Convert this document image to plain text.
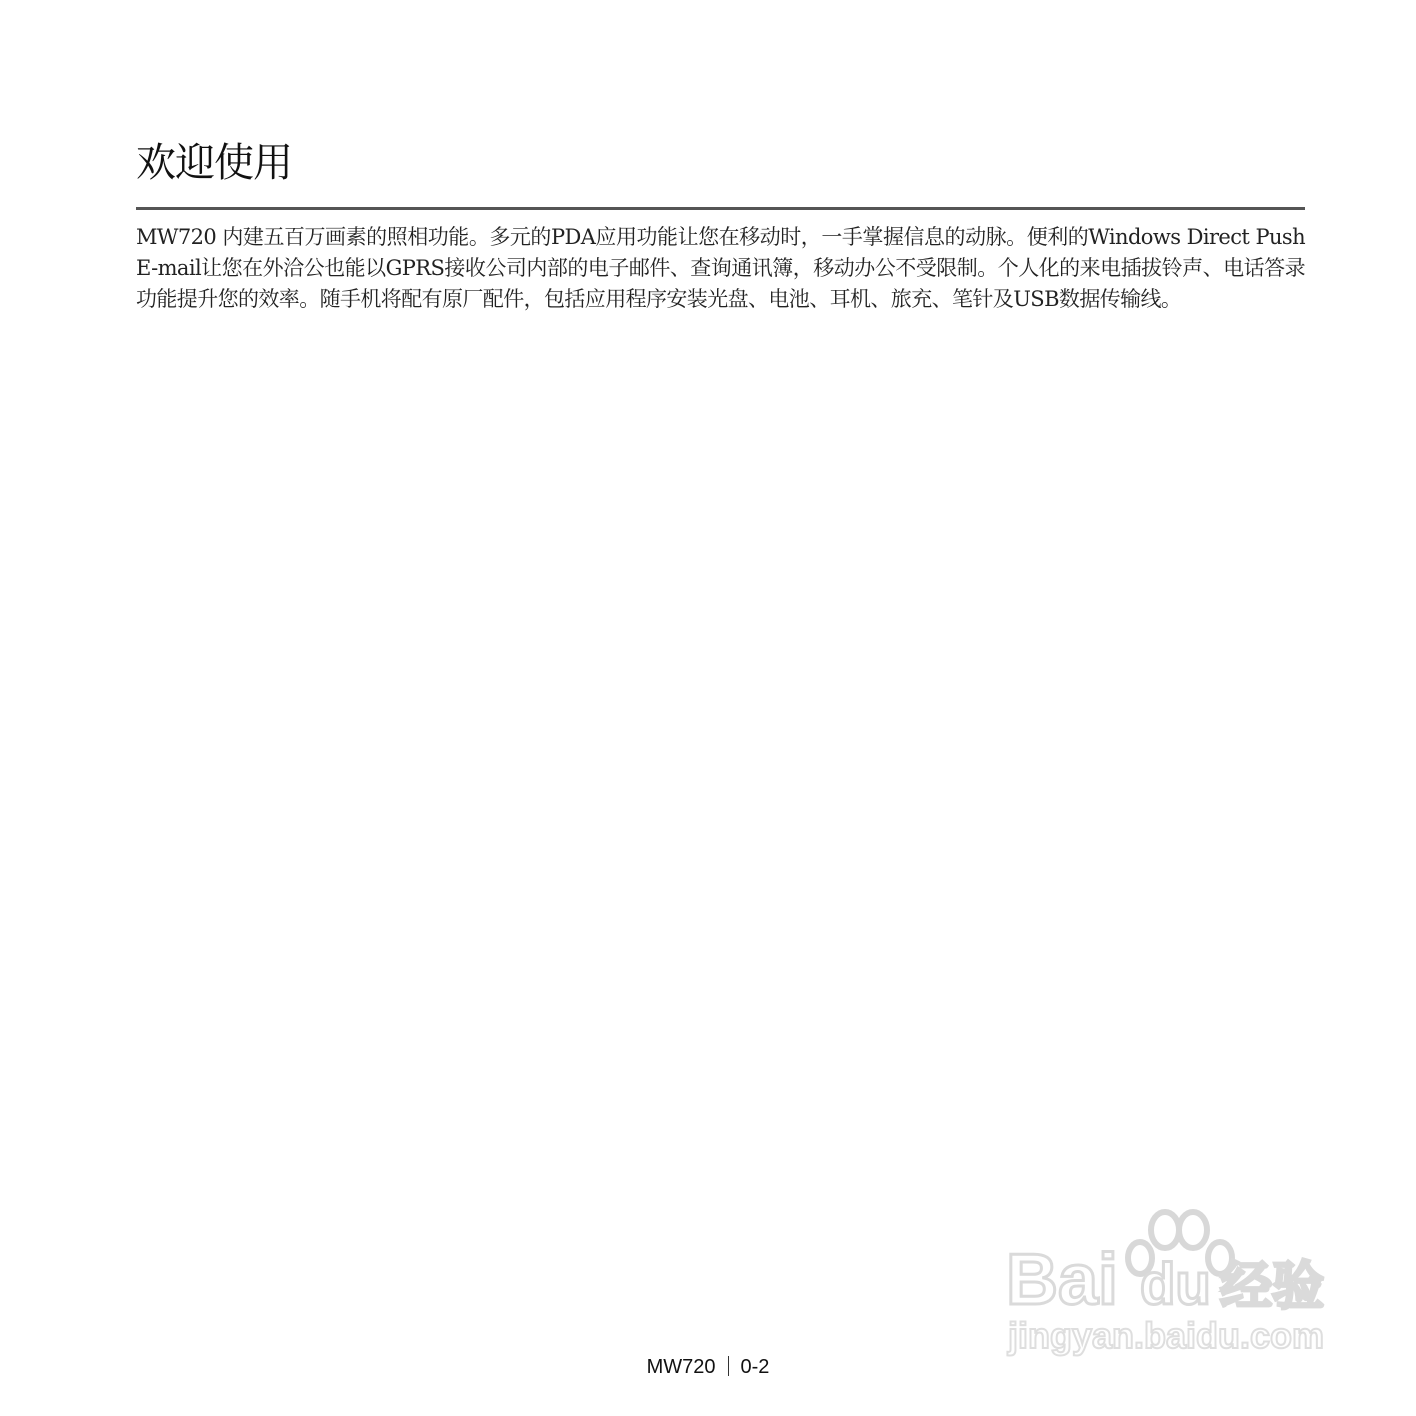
欢迎使用

MW720 内建五百万画素的照相功能。多元的PDA应用功能让您在移动时，一手掌握信息的动脉。便利的Windows Direct Push E-mail让您在外洽公也能以GPRS接收公司内部的电子邮件、查询通讯簿，移动办公不受限制。个人化的来电插拔铃声、电话答录功能提升您的效率。随手机将配有原厂配件，包括应用程序安装光盘、电池、耳机、旅充、笔针及USB数据传输线。

Bai du 经验
jingyan.baidu.com
MW720 0-2
